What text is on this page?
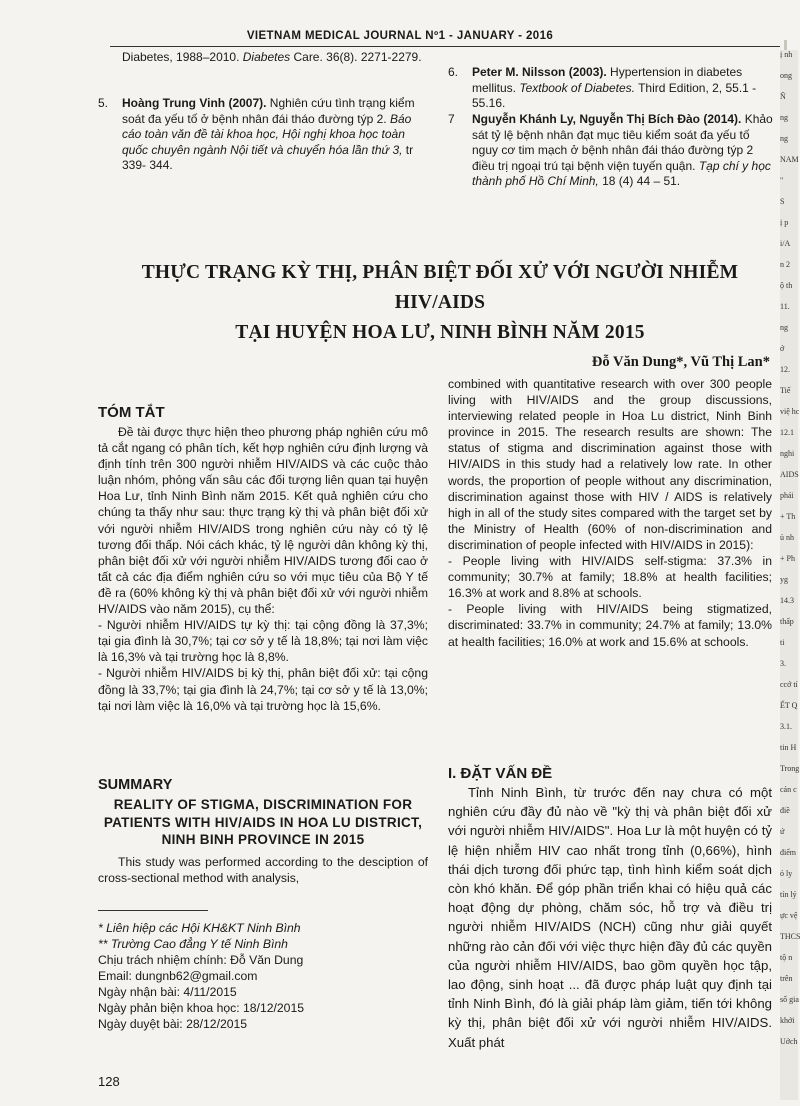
VIETNAM MEDICAL JOURNAL Nº1 - JANUARY - 2016
ị nh
ong
Ñ
ng
ng
NAM
"
S
ị p
i/A
n 2
ộ th
11.
ng
ở
12.
Tiế
việ hc
12.1
nghi
AIDS
phải
+ Th
ủ nh
+ Ph
yg
14.3
thấp
ti
3.
ccớ tí
ẾT Q
3.1.
tin H
Trong
cán c
điề
ứ
điểm
ỏ ly
tín lý
ực vệ
THCS
tộ n
trên
số gia
khởi
Uớch
Diabetes, 1988–2010. Diabetes Care. 36(8). 2271-2279.
5. Hoàng Trung Vinh (2007). Nghiên cứu tình trạng kiểm soát đa yếu tố ở bệnh nhân đái tháo đường týp 2. Báo cáo toàn văn đề tài khoa học, Hội nghị khoa học toàn quốc chuyên ngành Nội tiết và chuyển hóa lần thứ 3, tr 339- 344.
6. Peter M. Nilsson (2003). Hypertension in diabetes mellitus. Textbook of Diabetes. Third Edition, 2, 55.1 - 55.16.
7 Nguyễn Khánh Ly, Nguyễn Thị Bích Đào (2014). Khảo sát tỷ lệ bệnh nhân đạt mục tiêu kiểm soát đa yếu tố nguy cơ tim mạch ở bệnh nhân đái tháo đường týp 2 điều trị ngoại trú tại bệnh viện tuyến quận. Tạp chí y học thành phố Hồ Chí Minh, 18 (4) 44 – 51.
THỰC TRẠNG KỲ THỊ, PHÂN BIỆT ĐỐI XỬ VỚI NGƯỜI NHIỄM HIV/AIDS
TẠI HUYỆN HOA LƯ, NINH BÌNH NĂM 2015
Đỗ Văn Dung*, Vũ Thị Lan*
TÓM TẮT

Đề tài được thực hiện theo phương pháp nghiên cứu mô tả cắt ngang có phân tích, kết hợp nghiên cứu định lượng và định tính trên 300 người nhiễm HIV/AIDS và các cuộc thảo luận nhóm, phỏng vấn sâu các đối tượng liên quan tại huyện Hoa Lư, tỉnh Ninh Bình năm 2015. Kết quả nghiên cứu cho chúng ta thấy như sau: thực trạng kỳ thị và phân biệt đối xử với người nhiễm HIV/AIDS trong nghiên cứu này có tỷ lệ tương đối thấp. Nói cách khác, tỷ lệ người dân không kỳ thị, phân biệt đối xử với người nhiễm HIV/AIDS tương đối cao ở tất cả các địa điểm nghiên cứu so với mục tiêu của Bộ Y tế đề ra (60% không kỳ thị và phân biệt đối xử với người nhiễm HV/AIDS vào năm 2015), cụ thể:

- Người nhiễm HIV/AIDS tự kỳ thị: tại cộng đồng là 37,3%; tại gia đình là 30,7%; tại cơ sở y tế là 18,8%; tại nơi làm việc là 16,3% và tại trường học là 8,8%.

- Người nhiễm HIV/AIDS bị kỳ thị, phân biệt đối xử: tại cộng đồng là 33,7%; tại gia đình là 24,7%; tại cơ sở y tế là 13,0%; tại nơi làm việc là 16,0% và tại trường học là 15,6%.

SUMMARY
REALITY OF STIGMA, DISCRIMINATION FOR PATIENTS WITH HIV/AIDS IN HOA LU DISTRICT, NINH BINH PROVINCE IN 2015

This study was performed according to the desciption of cross-sectional method with analysis,

* Liên hiệp các Hội KH&KT Ninh Bình

** Trường Cao đẳng Y tế Ninh Bình

Chịu trách nhiệm chính: Đỗ Văn Dung

Email: dungnb62@gmail.com

Ngày nhận bài: 4/11/2015

Ngày phản biện khoa học: 18/12/2015

Ngày duyệt bài: 28/12/2015

combined with quantitative research with over 300 people living with HIV/AIDS and the group discussions, interviewing related people in Hoa Lu district, Ninh Binh province in 2015. The research results are shown: The status of stigma and discrimination against those with HIV/AIDS in this study had a relatively low rate. In other words, the proportion of people without any discrimination, discrimination against those with HIV / AIDS is relatively high in all of the study sites compared with the target set by the Ministry of Health (60% of non-discrimination and discrimination of people infected with HIV/AIDS in 2015):

- People living with HIV/AIDS self-stigma: 37.3% in community; 30.7% at family; 18.8% at health facilities; 16.3% at work and 8.8% at schools.

- People living with HIV/AIDS being stigmatized, discriminated: 33.7% in community; 24.7% at family; 13.0% at health facilities; 16.0% at work and 15.6% at schools.

I. ĐẶT VẤN ĐỀ

Tỉnh Ninh Bình, từ trước đến nay chưa có một nghiên cứu đầy đủ nào về "kỳ thị và phân biệt đối xử với người nhiễm HIV/AIDS". Hoa Lư là một huyện có tỷ lệ hiện nhiễm HIV cao nhất trong tỉnh (0,66%), hình thái dịch tương đối phức tạp, tình hình kiểm soát dịch còn khó khăn. Để góp phần triển khai có hiệu quả các hoạt động dự phòng, chăm sóc, hỗ trợ và điều trị người nhiễm HIV/AIDS (NCH) cũng như giải quyết những rào cản đối với việc thực hiện đầy đủ các quyền của người nhiễm HIV/AIDS, bao gồm quyền học tập, lao động, sinh hoạt ... đã được pháp luật quy định tại tỉnh Ninh Bình, đó là giải pháp làm giảm, tiến tới không kỳ thị, phân biệt đối xử với người nhiễm HIV/AIDS. Xuất phát

128
